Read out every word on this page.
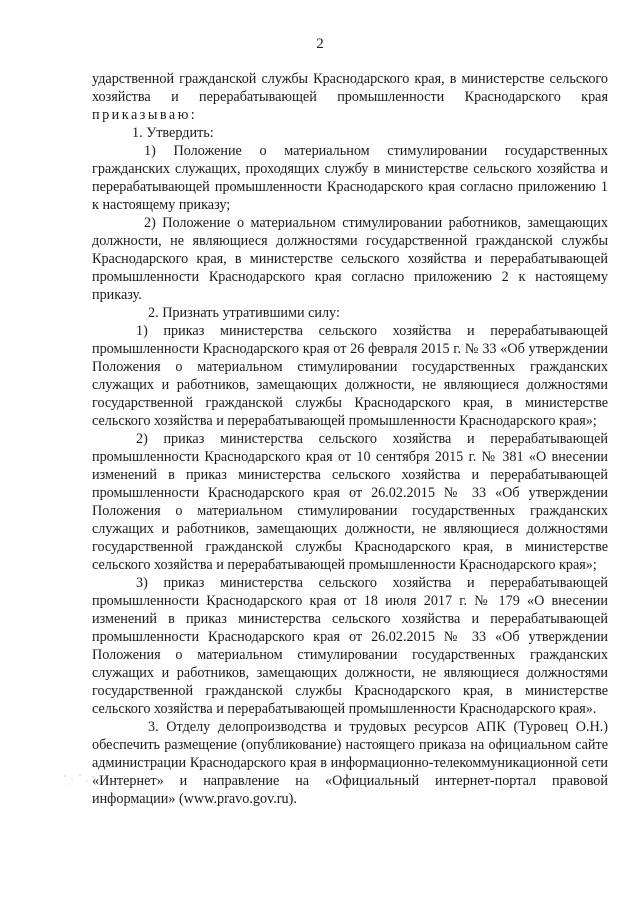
2

ударственной гражданской службы Краснодарского края, в министерстве сельского хозяйства и перерабатывающей промышленности Краснодарского края приказываю:

1. Утвердить:

1) Положение о материальном стимулировании государственных гражданских служащих, проходящих службу в министерстве сельского хозяйства и перерабатывающей промышленности Краснодарского края согласно приложению 1 к настоящему приказу;

2) Положение о материальном стимулировании работников, замещающих должности, не являющиеся должностями государственной гражданской службы Краснодарского края, в министерстве сельского хозяйства и перерабатывающей промышленности Краснодарского края согласно приложению 2 к настоящему приказу.

2. Признать утратившими силу:

1) приказ министерства сельского хозяйства и перерабатывающей промышленности Краснодарского края от 26 февраля 2015 г. № 33 «Об утверждении Положения о материальном стимулировании государственных гражданских служащих и работников, замещающих должности, не являющиеся должностями государственной гражданской службы Краснодарского края, в министерстве сельского хозяйства и перерабатывающей промышленности Краснодарского края»;

2) приказ министерства сельского хозяйства и перерабатывающей промышленности Краснодарского края от 10 сентября 2015 г. № 381 «О внесении изменений в приказ министерства сельского хозяйства и перерабатывающей промышленности Краснодарского края от 26.02.2015 № 33 «Об утверждении Положения о материальном стимулировании государственных гражданских служащих и работников, замещающих должности, не являющиеся должностями государственной гражданской службы Краснодарского края, в министерстве сельского хозяйства и перерабатывающей промышленности Краснодарского края»;

3) приказ министерства сельского хозяйства и перерабатывающей промышленности Краснодарского края от 18 июля 2017 г. № 179 «О внесении изменений в приказ министерства сельского хозяйства и перерабатывающей промышленности Краснодарского края от 26.02.2015 № 33 «Об утверждении Положения о материальном стимулировании государственных гражданских служащих и работников, замещающих должности, не являющиеся должностями государственной гражданской службы Краснодарского края, в министерстве сельского хозяйства и перерабатывающей промышленности Краснодарского края».

3. Отделу делопроизводства и трудовых ресурсов АПК (Туровец О.Н.) обеспечить размещение (опубликование) настоящего приказа на официальном сайте администрации Краснодарского края в информационно-телекоммуникационной сети «Интернет» и направление на «Официальный интернет-портал правовой информации» (www.pravo.gov.ru).
